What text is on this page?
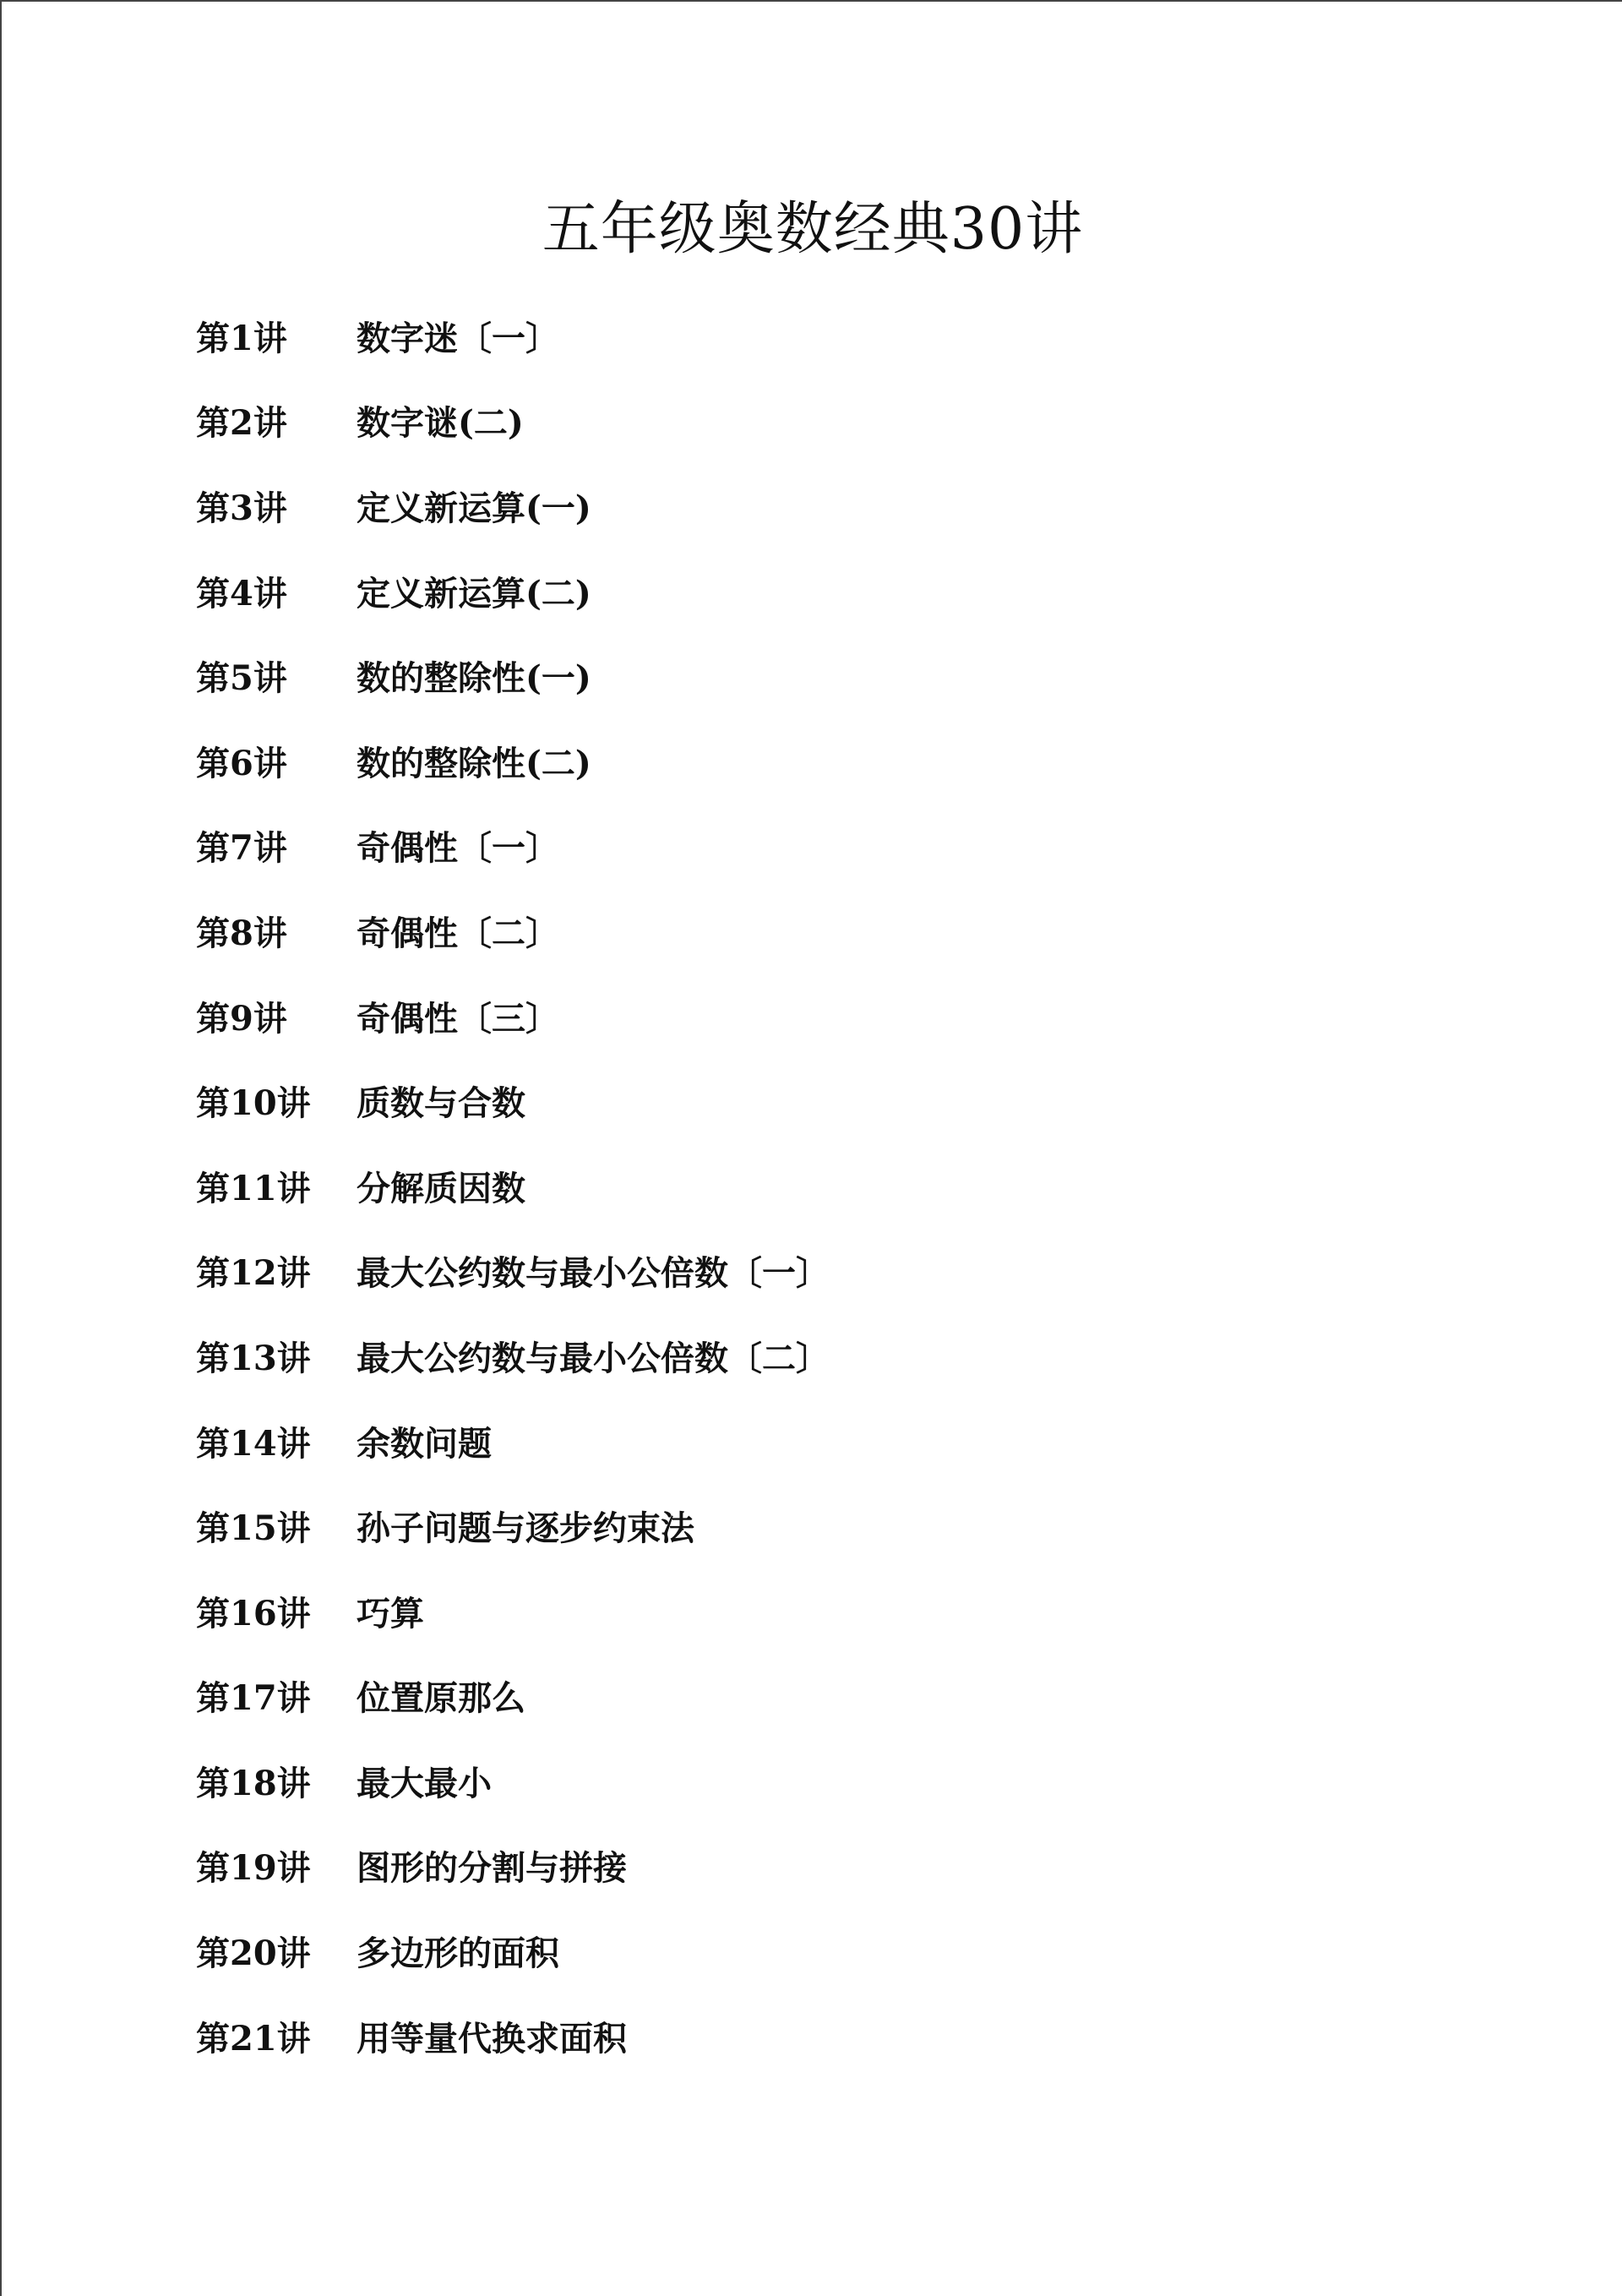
五年级奥数经典30讲
第1讲	数字迷〔一〕
第2讲	数字谜(二)
第3讲	定义新运算(一)
第4讲	定义新运算(二)
第5讲	数的整除性(一)
第6讲	数的整除性(二)
第7讲	奇偶性〔一〕
第8讲	奇偶性〔二〕
第9讲	奇偶性〔三〕
第10讲	质数与合数
第11讲	分解质因数
第12讲	最大公约数与最小公倍数〔一〕
第13讲	最大公约数与最小公倍数〔二〕
第14讲	余数问题
第15讲	孙子问题与逐步约束法
第16讲	巧算
第17讲	位置原那么
第18讲	最大最小
第19讲	图形的分割与拼接
第20讲	多边形的面积
第21讲	用等量代换求面积
